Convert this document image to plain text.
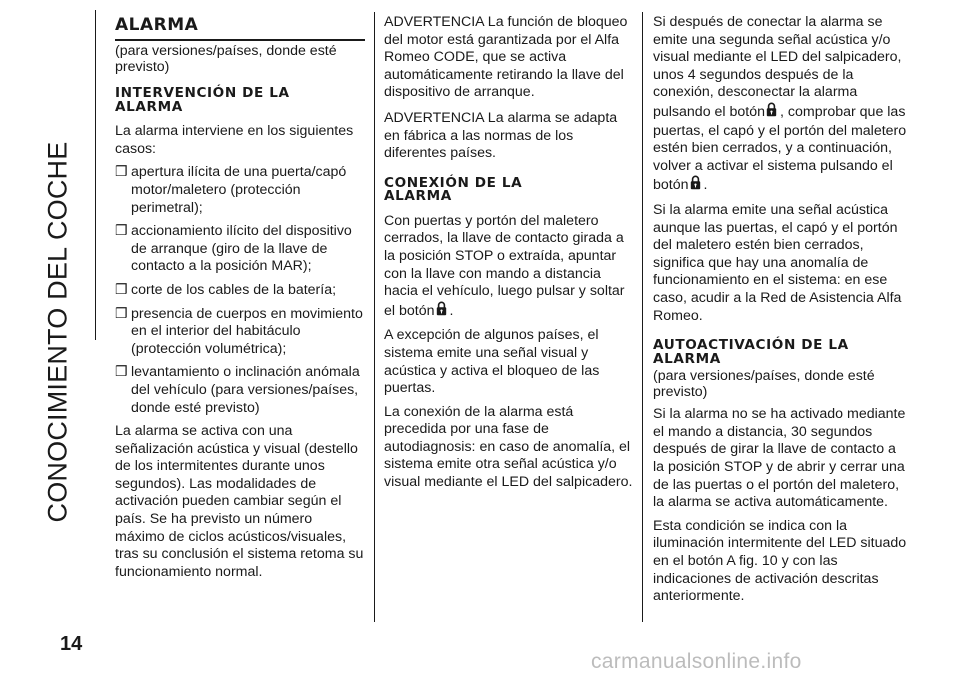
CONOCIMIENTO DEL COCHE
14
ALARMA

(para versiones/países, donde esté previsto)

INTERVENCIÓN DE LA
ALARMA

La alarma interviene en los siguientes casos:

❒ apertura ilícita de una puerta/capó motor/maletero (protección perimetral);
❒ accionamiento ilícito del dispositivo de arranque (giro de la llave de contacto a la posición MAR);
❒ corte de los cables de la batería;
❒ presencia de cuerpos en movimiento en el interior del habitáculo (protección volumétrica);
❒ levantamiento o inclinación anómala del vehículo (para versiones/países, donde esté previsto)

La alarma se activa con una señalización acústica y visual (destello de los intermitentes durante unos segundos). Las modalidades de activación pueden cambiar según el país. Se ha previsto un número máximo de ciclos acústicos/visuales, tras su conclusión el sistema retoma su funcionamiento normal.

ADVERTENCIA La función de bloqueo del motor está garantizada por el Alfa Romeo CODE, que se activa automáticamente retirando la llave del dispositivo de arranque.

ADVERTENCIA La alarma se adapta en fábrica a las normas de los diferentes países.

CONEXIÓN DE LA
ALARMA

Con puertas y portón del maletero cerrados, la llave de contacto girada a la posición STOP o extraída, apuntar con la llave con mando a distancia hacia el vehículo, luego pulsar y soltar el botón .

A excepción de algunos países, el sistema emite una señal visual y acústica y activa el bloqueo de las puertas.

La conexión de la alarma está precedida por una fase de autodiagnosis: en caso de anomalía, el sistema emite otra señal acústica y/o visual mediante el LED del salpicadero.

Si después de conectar la alarma se emite una segunda señal acústica y/o visual mediante el LED del salpicadero, unos 4 segundos después de la conexión, desconectar la alarma pulsando el botón , comprobar que las puertas, el capó y el portón del maletero estén bien cerrados, y a continuación, volver a activar el sistema pulsando el botón .

Si la alarma emite una señal acústica aunque las puertas, el capó y el portón del maletero estén bien cerrados, significa que hay una anomalía de funcionamiento en el sistema: en ese caso, acudir a la Red de Asistencia Alfa Romeo.

AUTOACTIVACIÓN DE LA
ALARMA

(para versiones/países, donde esté previsto)

Si la alarma no se ha activado mediante el mando a distancia, 30 segundos después de girar la llave de contacto a la posición STOP y de abrir y cerrar una de las puertas o el portón del maletero, la alarma se activa automáticamente.

Esta condición se indica con la iluminación intermitente del LED situado en el botón A fig. 10 y con las indicaciones de activación descritas anteriormente.

carmanualsonline.info
